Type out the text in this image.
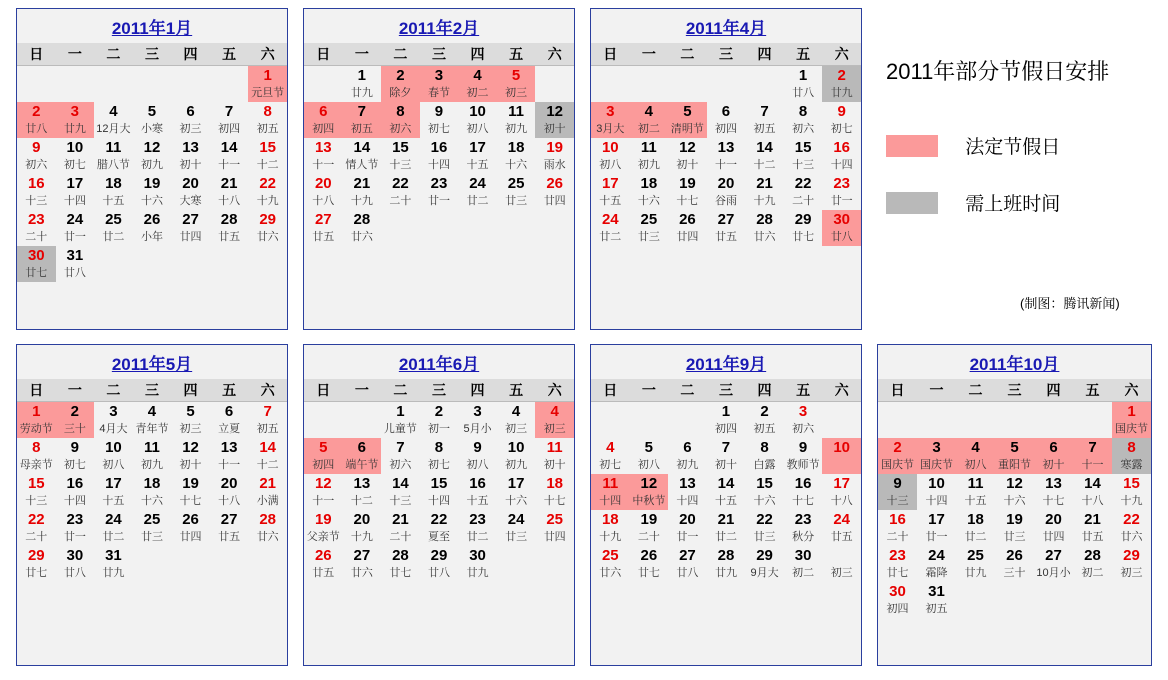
2011年1月
日	一	二	三	四	五	六
						1
						元旦节
2	3	4	5	6	7	8
廿八	廿九	12月大	小寒	初三	初四	初五
9	10	11	12	13	14	15
初六	初七	腊八节	初九	初十	十一	十二
16	17	18	19	20	21	22
十三	十四	十五	十六	大寒	十八	十九
23	24	25	26	27	28	29
二十	廿一	廿二	小年	廿四	廿五	廿六
30	31					
廿七	廿八					
2011年2月
日	一	二	三	四	五	六
	1	2	3	4	5	
	廿九	除夕	春节	初二	初三	
6	7	8	9	10	11	12
初四	初五	初六	初七	初八	初九	初十
13	14	15	16	17	18	19
十一	情人节	十三	十四	十五	十六	雨水
20	21	22	23	24	25	26
十八	十九	二十	廿一	廿二	廿三	廿四
27	28					
廿五	廿六					

2011年4月
日	一	二	三	四	五	六
					1	2
					廿八	廿九
3	4	5	6	7	8	9
3月大	初二	清明节	初四	初五	初六	初七
10	11	12	13	14	15	16
初八	初九	初十	十一	十二	十三	十四
17	18	19	20	21	22	23
十五	十六	十七	谷雨	十九	二十	廿一
24	25	26	27	28	29	30
廿二	廿三	廿四	廿五	廿六	廿七	廿八

2011年5月
日	一	二	三	四	五	六
1	2	3	4	5	6	7
劳动节	三十	4月大	青年节	初三	立夏	初五
8	9	10	11	12	13	14
母亲节	初七	初八	初九	初十	十一	十二
15	16	17	18	19	20	21
十三	十四	十五	十六	十七	十八	小满
22	23	24	25	26	27	28
二十	廿一	廿二	廿三	廿四	廿五	廿六
29	30	31				
廿七	廿八	廿九				

2011年6月
日	一	二	三	四	五	六
		1	2	3	4	4
		儿童节	初一	5月小	初三	初三
5	6	7	8	9	10	11
初四	端午节	初六	初七	初八	初九	初十
12	13	14	15	16	17	18
十一	十二	十三	十四	十五	十六	十七
19	20	21	22	23	24	25
父亲节	十九	二十	夏至	廿二	廿三	廿四
26	27	28	29	30		
廿五	廿六	廿七	廿八	廿九		

2011年9月
日	一	二	三	四	五	六
			1	2	3	
			初四	初五	初六	
4	5	6	7	8	9	10
初七	初八	初九	初十	白露	教师节	
11	12	13	14	15	16	17
十四	中秋节	十四	十五	十六	十七	十八
18	19	20	21	22	23	24
十九	二十	廿一	廿二	廿三	秋分	廿五
25	26	27	28	29	30	
廿六	廿七	廿八	廿九	9月大	初二	初三

2011年10月
日	一	二	三	四	五	六
						1
						国庆节
2	3	4	5	6	7	8
国庆节	国庆节	初八	重阳节	初十	十一	寒露
9	10	11	12	13	14	15
十三	十四	十五	十六	十七	十八	十九
16	17	18	19	20	21	22
二十	廿一	廿二	廿三	廿四	廿五	廿六
23	24	25	26	27	28	29
廿七	霜降	廿九	三十	10月小	初二	初三
30	31					
初四	初五					
2011年部分节假日安排
法定节假日
需上班时间
(制图：腾讯新闻)
